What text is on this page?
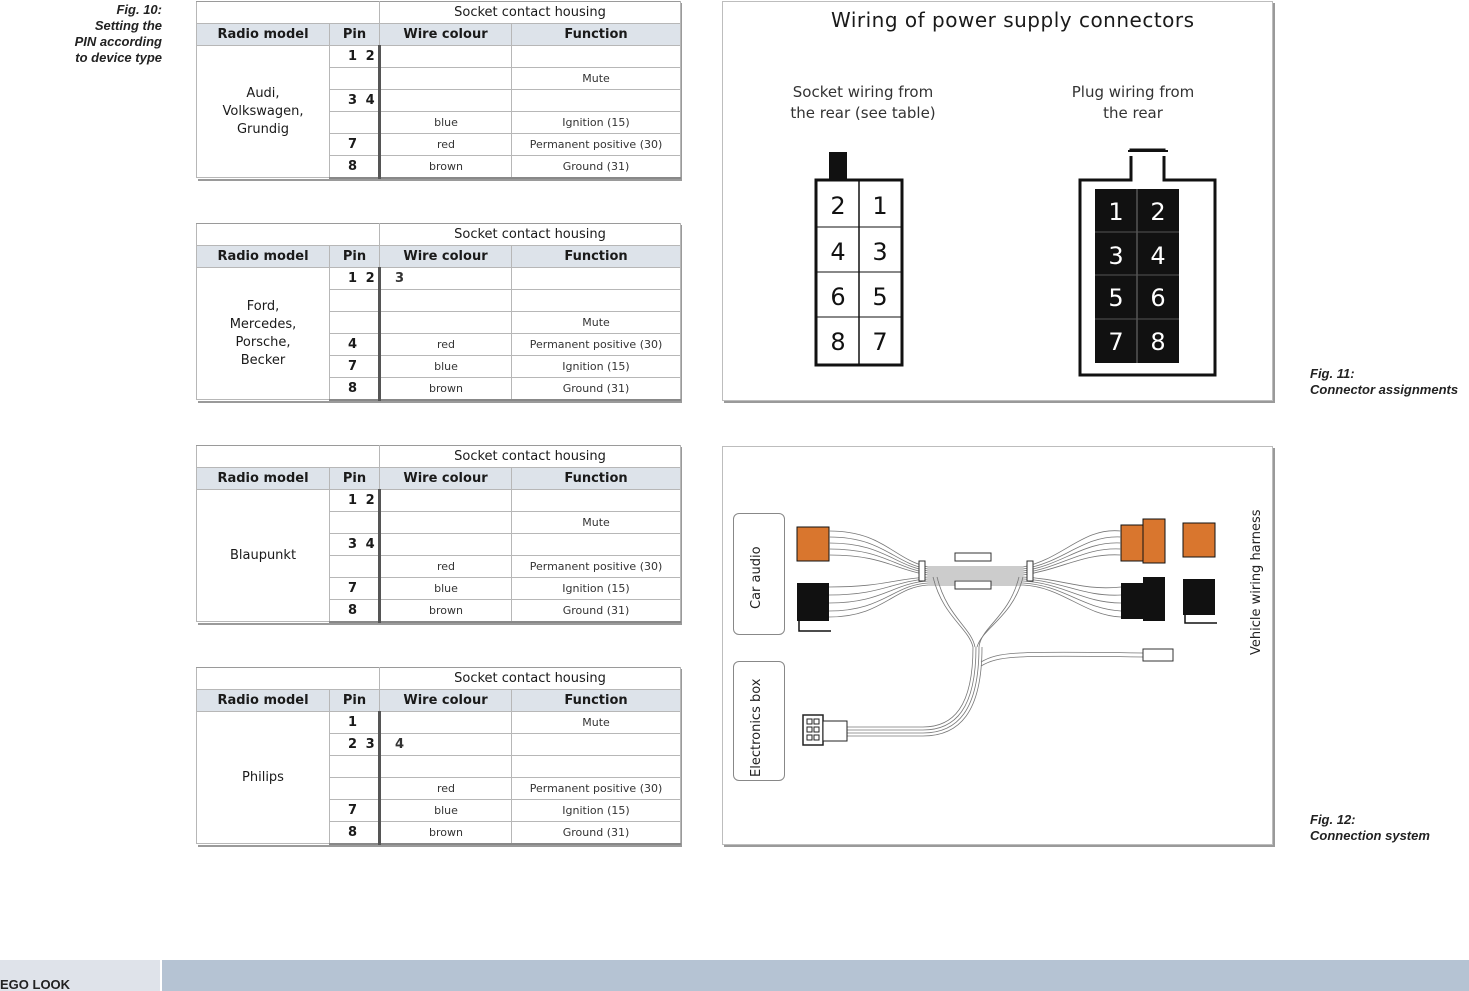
Fig. 10:
Setting the
PIN according
to device type
Fig. 11:
Connector assignments
Fig. 12:
Connection system
		Socket contact housing	
Radio model	Pin	Wire colour	Function

Audi,
Volkswagen,
Grundig	1 2		
			Mute
	3 4		
		blue	Ignition (15)
	7	red	Permanent positive (30)
	8	brown	Ground (31)
		Socket contact housing	
Radio model	Pin	Wire colour	Function

Ford,
Mercedes,
Porsche,
Becker	1 2	3	

			Mute
	4	red	Permanent positive (30)
	7	blue	Ignition (15)
	8	brown	Ground (31)
		Socket contact housing	
Radio model	Pin	Wire colour	Function

Blaupunkt	1 2		
			Mute
	3 4		
		red	Permanent positive (30)
	7	blue	Ignition (15)
	8	brown	Ground (31)
		Socket contact housing	
Radio model	Pin	Wire colour	Function

Philips	1		Mute
	2 3	4	

		red	Permanent positive (30)
	7	blue	Ignition (15)
	8	brown	Ground (31)
Wiring of power supply connectors
Socket wiring from
the rear (see table)
Plug wiring from
the rear
2 1
4 3
6 5
8 7
1 2
3 4
5 6
7 8
Car audio
Electronics box
Vehicle wiring harness
EGO LOOK
